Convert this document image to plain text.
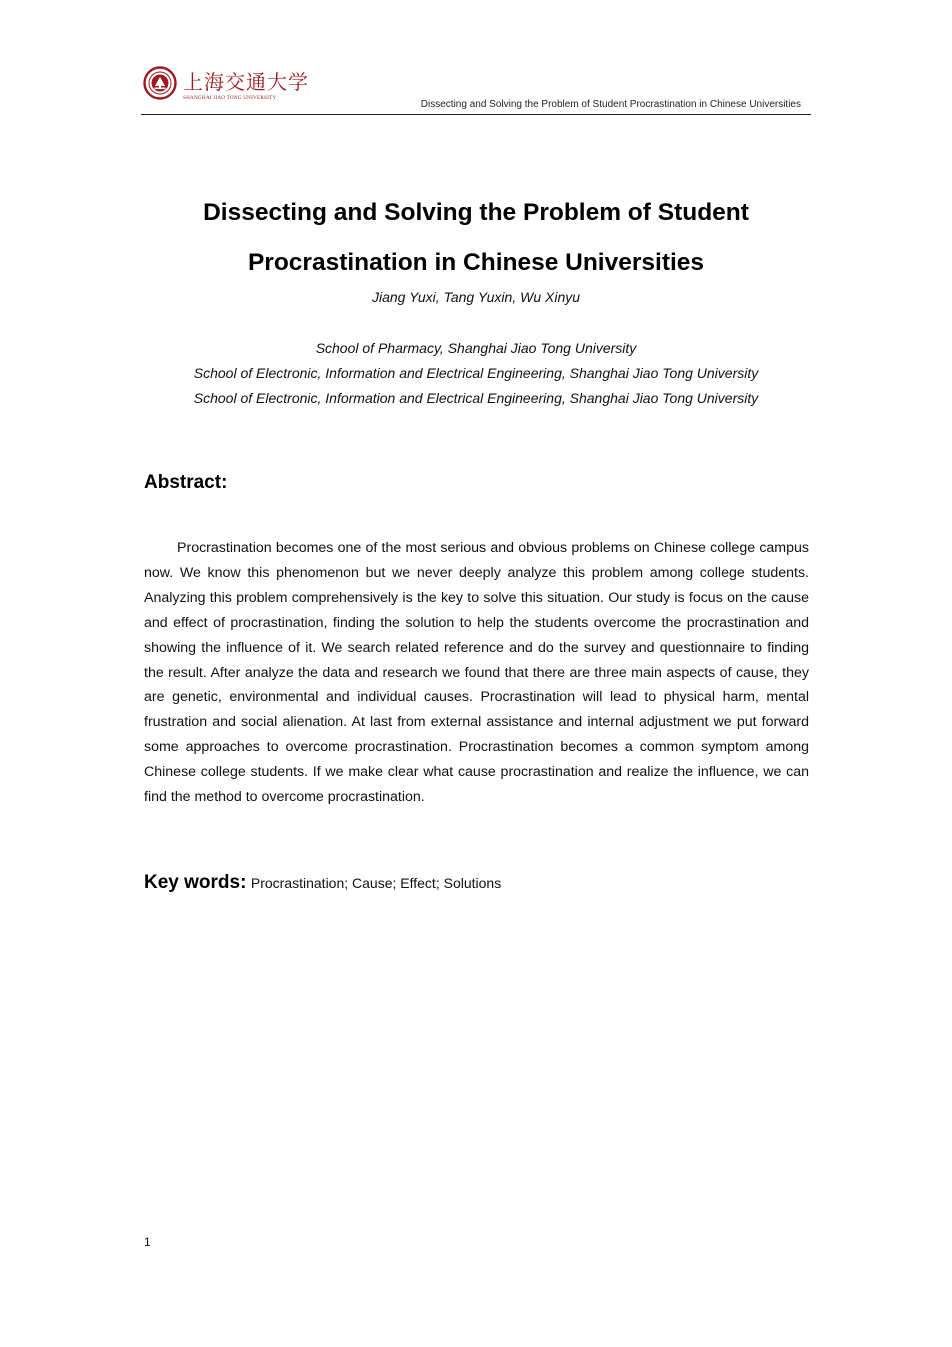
上海交通大学
SHANGHAI JIAO TONG UNIVERSITY
Dissecting and Solving the Problem of Student Procrastination in Chinese Universities
Dissecting and Solving the Problem of Student Procrastination in Chinese Universities
Jiang Yuxi, Tang Yuxin, Wu Xinyu
School of Pharmacy, Shanghai Jiao Tong University
School of Electronic, Information and Electrical Engineering, Shanghai Jiao Tong University
School of Electronic, Information and Electrical Engineering, Shanghai Jiao Tong University
Abstract:

Procrastination becomes one of the most serious and obvious problems on Chinese college campus now. We know this phenomenon but we never deeply analyze this problem among college students. Analyzing this problem comprehensively is the key to solve this situation. Our study is focus on the cause and effect of procrastination, finding the solution to help the students overcome the procrastination and showing the influence of it. We search related reference and do the survey and questionnaire to finding the result. After analyze the data and research we found that there are three main aspects of cause, they are genetic, environmental and individual causes. Procrastination will lead to physical harm, mental frustration and social alienation. At last from external assistance and internal adjustment we put forward some approaches to overcome procrastination. Procrastination becomes a common symptom among Chinese college students. If we make clear what cause procrastination and realize the influence, we can find the method to overcome procrastination.

Key words: Procrastination; Cause; Effect; Solutions
1
